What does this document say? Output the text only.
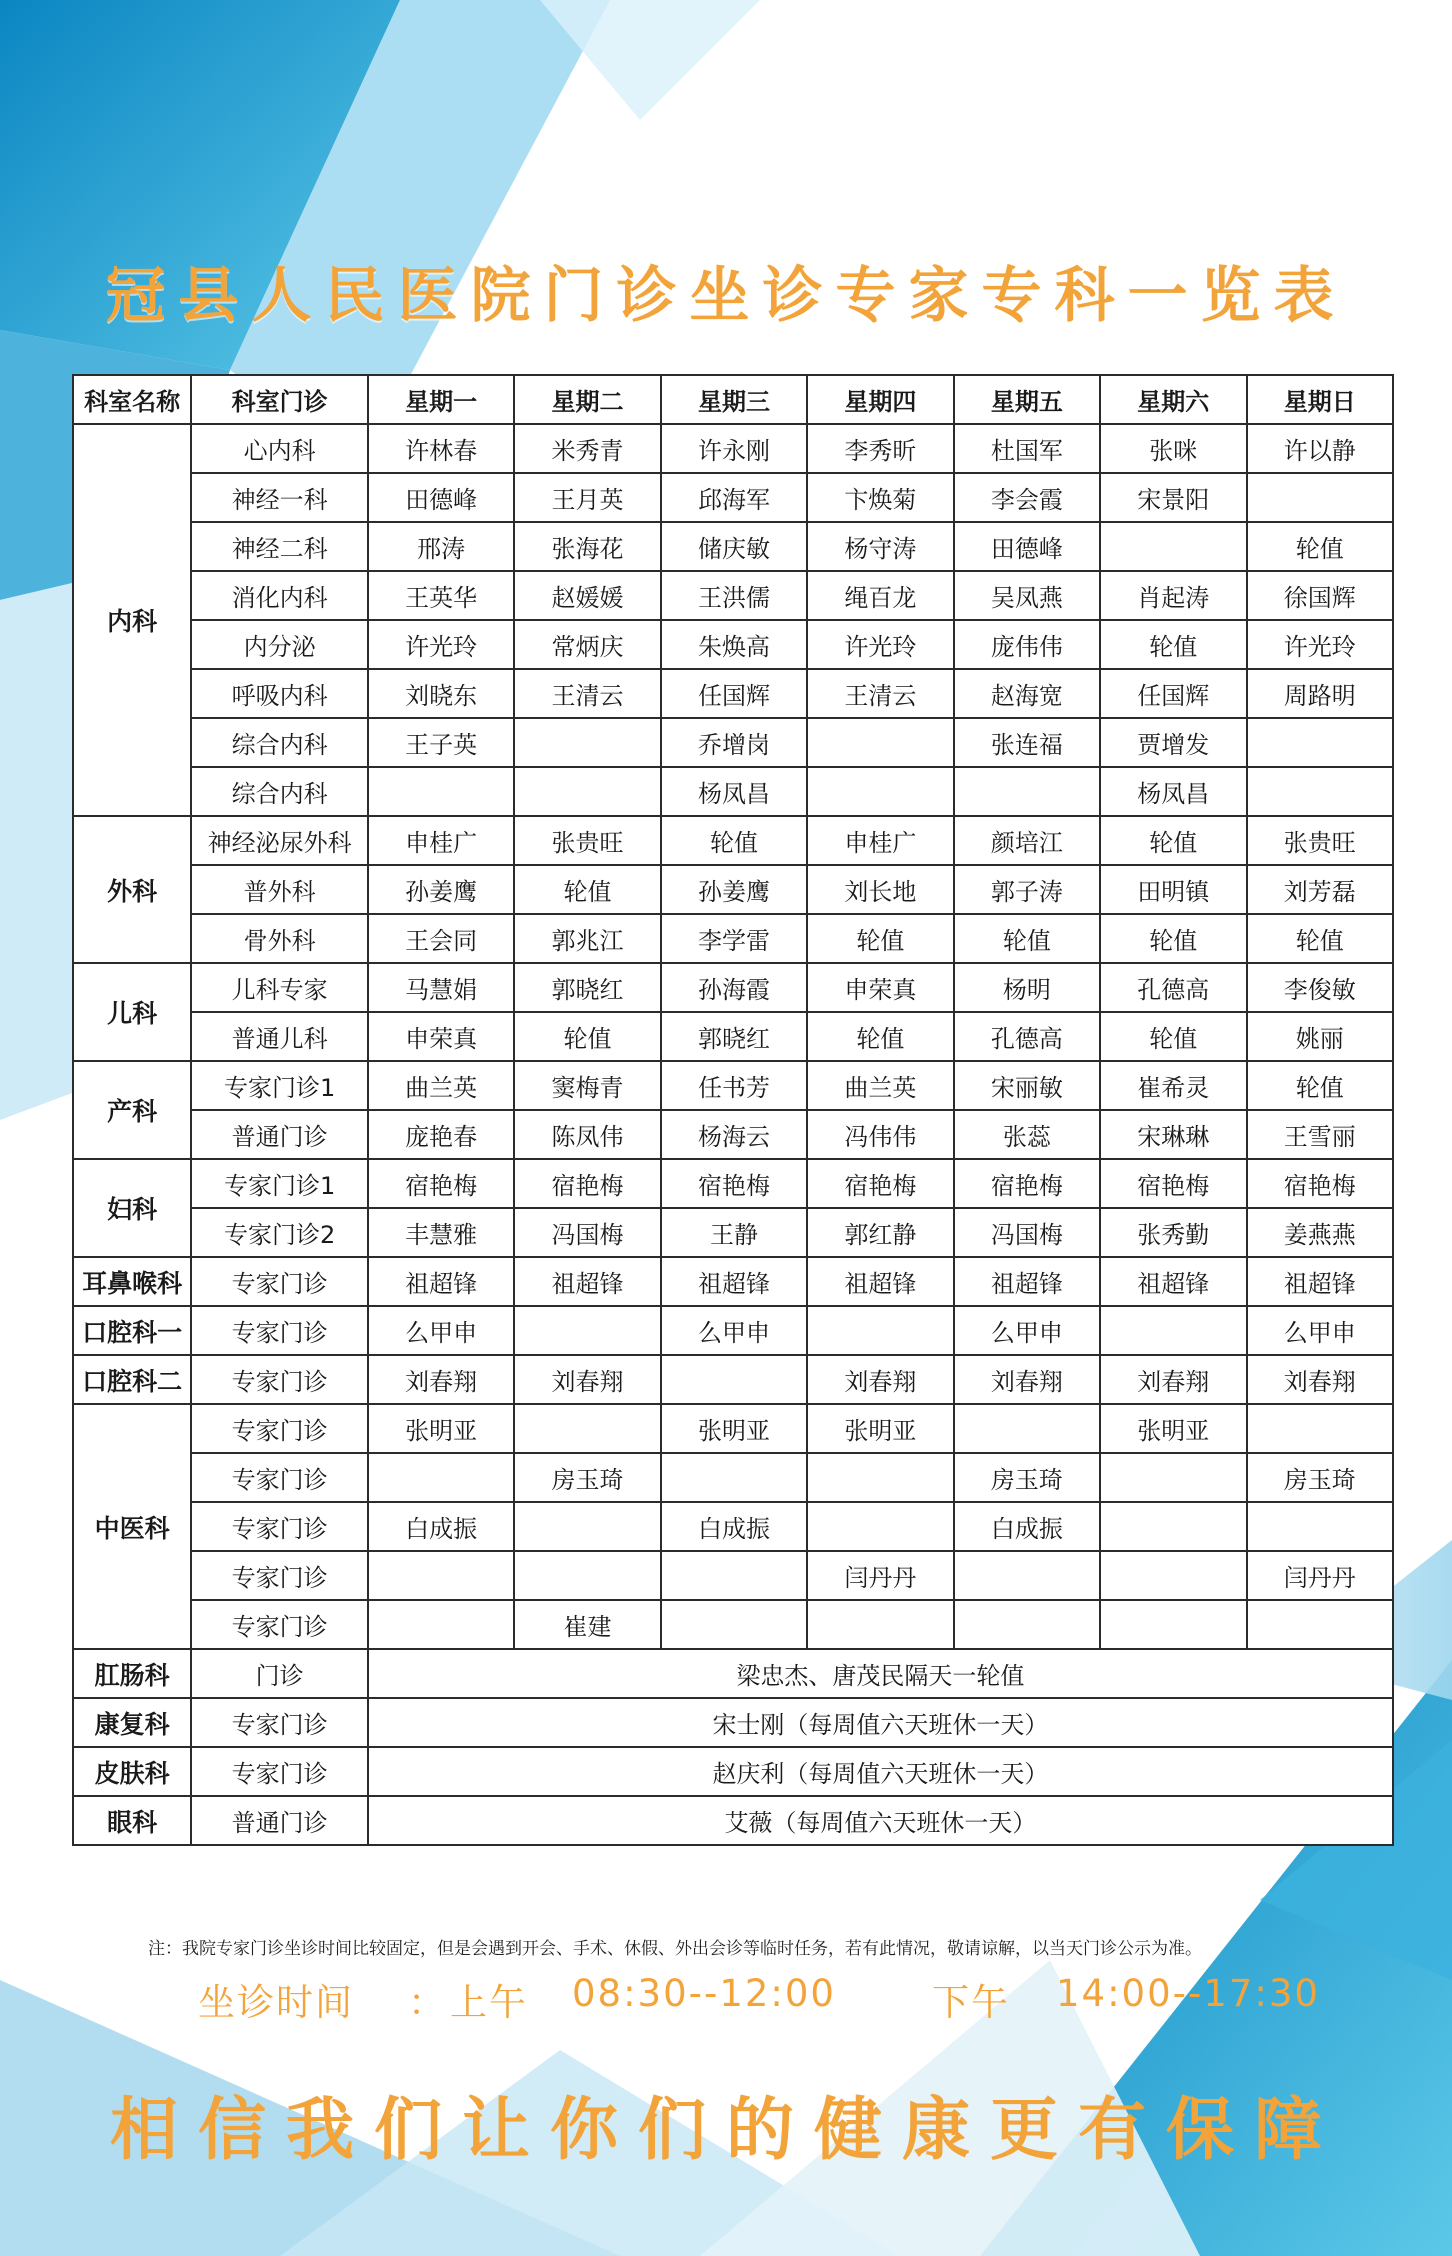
冠县人民医院门诊坐诊专家专科一览表
科室名称	科室门诊	星期一	星期二	星期三	星期四	星期五	星期六	星期日
内科	心内科	许林春	米秀青	许永刚	李秀昕	杜国军	张咪	许以静
	神经一科	田德峰	王月英	邱海军	卞焕菊	李会霞	宋景阳	
	神经二科	邢涛	张海花	储庆敏	杨守涛	田德峰		轮值
	消化内科	王英华	赵媛媛	王洪儒	绳百龙	吴凤燕	肖起涛	徐国辉
	内分泌	许光玲	常炳庆	朱焕高	许光玲	庞伟伟	轮值	许光玲
	呼吸内科	刘晓东	王清云	任国辉	王清云	赵海宽	任国辉	周路明
	综合内科	王子英		乔增岗		张连福	贾增发	
	综合内科			杨凤昌			杨凤昌	
外科	神经泌尿外科	申桂广	张贵旺	轮值	申桂广	颜培江	轮值	张贵旺
	普外科	孙姜鹰	轮值	孙姜鹰	刘长地	郭子涛	田明镇	刘芳磊
	骨外科	王会同	郭兆江	李学雷	轮值	轮值	轮值	轮值
儿科	儿科专家	马慧娟	郭晓红	孙海霞	申荣真	杨明	孔德高	李俊敏
	普通儿科	申荣真	轮值	郭晓红	轮值	孔德高	轮值	姚丽
产科	专家门诊1	曲兰英	窦梅青	任书芳	曲兰英	宋丽敏	崔希灵	轮值
	普通门诊	庞艳春	陈凤伟	杨海云	冯伟伟	张蕊	宋琳琳	王雪丽
妇科	专家门诊1	宿艳梅	宿艳梅	宿艳梅	宿艳梅	宿艳梅	宿艳梅	宿艳梅
	专家门诊2	丰慧雅	冯国梅	王静	郭红静	冯国梅	张秀勤	姜燕燕
耳鼻喉科	专家门诊	祖超锋	祖超锋	祖超锋	祖超锋	祖超锋	祖超锋	祖超锋
口腔科一	专家门诊	么甲申		么甲申		么甲申		么甲申
口腔科二	专家门诊	刘春翔	刘春翔		刘春翔	刘春翔	刘春翔	刘春翔
中医科	专家门诊	张明亚		张明亚	张明亚		张明亚	
	专家门诊		房玉琦			房玉琦		房玉琦
	专家门诊	白成振		白成振		白成振		
	专家门诊				闫丹丹			闫丹丹
	专家门诊		崔建					
肛肠科	门诊	梁忠杰、唐茂民隔天一轮值						
康复科	专家门诊	宋士刚（每周值六天班休一天）						
皮肤科	专家门诊	赵庆利（每周值六天班休一天）						
眼科	普通门诊	艾薇（每周值六天班休一天）						
注：我院专家门诊坐诊时间比较固定，但是会遇到开会、手术、休假、外出会诊等临时任务，若有此情况，敬请谅解，以当天门诊公示为准。
坐诊时间 ： 上午 08:30--12:00	下午 14:00--17:30
相信我们让你们的健康更有保障
